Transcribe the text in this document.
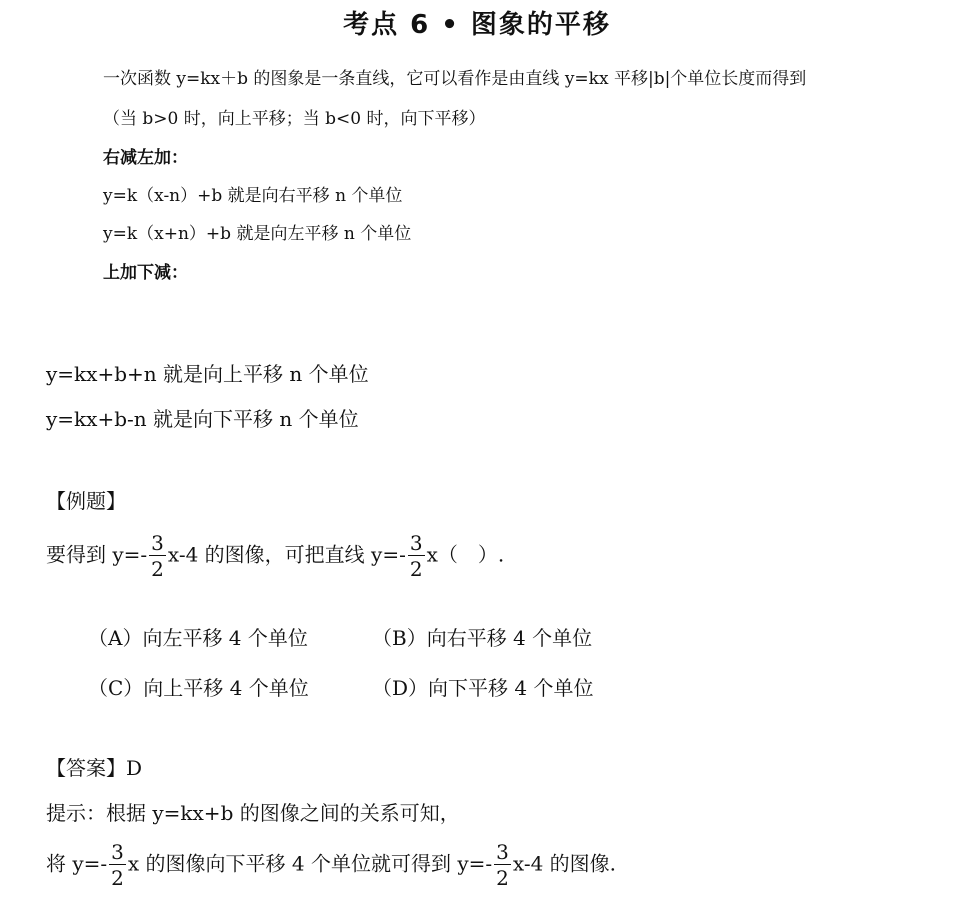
考点 6 • 图象的平移
一次函数 y=kx＋b 的图象是一条直线，它可以看作是由直线 y=kx 平移|b|个单位长度而得到
（当 b>0 时，向上平移；当 b<0 时，向下平移）
右减左加：
y=k（x-n）+b 就是向右平移 n 个单位
y=k（x+n）+b 就是向左平移 n 个单位
上加下减：
y=kx+b+n 就是向上平移 n 个单位
y=kx+b-n 就是向下平移 n 个单位
【例题】
要得到 $y=- \frac{3}{2} x-4$ 的图像，可把直线 $y=- \frac{3}{2} x$（　）.
（A）向左平移 4 个单位	（B）向右平移 4 个单位
（C）向上平移 4 个单位	（D）向下平移 4 个单位
【答案】D
提示：根据 y=kx+b 的图像之间的关系可知，
将 $y=- \frac{3}{2}$ x 的图像向下平移 4 个单位就可得到 $y=- \frac{3}{2} x-4$ 的图像.
